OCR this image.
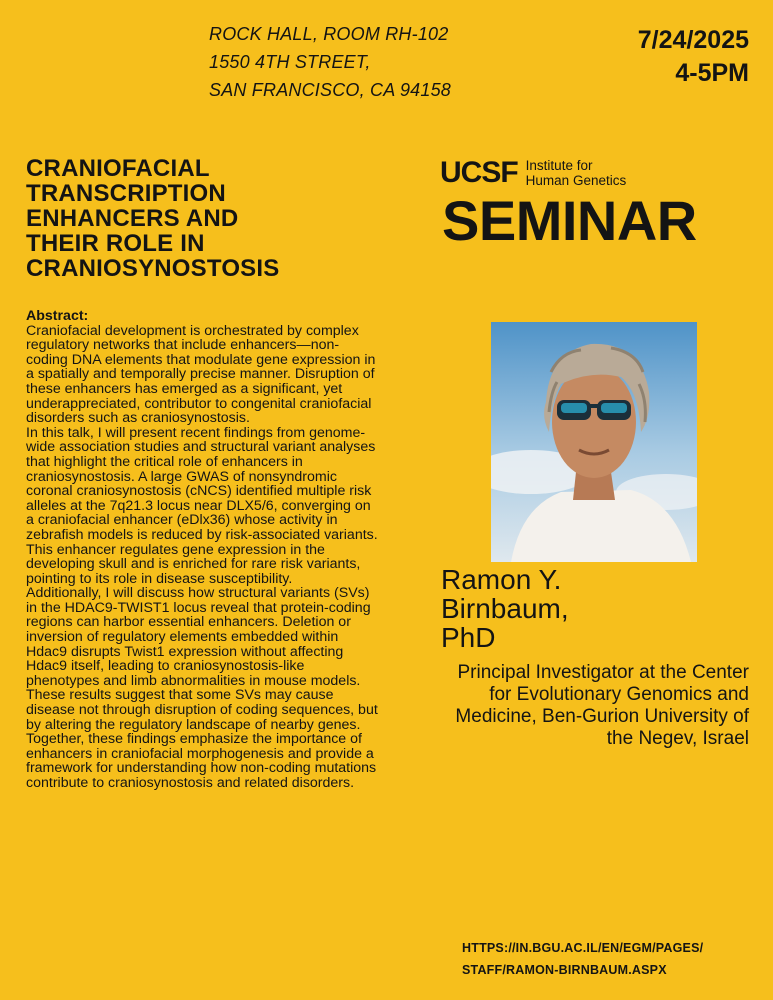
ROCK HALL, ROOM RH-102
1550 4TH STREET,
SAN FRANCISCO, CA 94158
7/24/2025
4-5PM
CRANIOFACIAL
TRANSCRIPTION
ENHANCERS AND
THEIR ROLE IN
CRANIOSYNOSTOSIS
UCSF Institute for
Human Genetics
SEMINAR
Abstract:

Craniofacial development is orchestrated by complex regulatory networks that include enhancers—non-coding DNA elements that modulate gene expression in a spatially and temporally precise manner. Disruption of these enhancers has emerged as a significant, yet underappreciated, contributor to congenital craniofacial disorders such as craniosynostosis.

In this talk, I will present recent findings from genome-wide association studies and structural variant analyses that highlight the critical role of enhancers in craniosynostosis. A large GWAS of nonsyndromic coronal craniosynostosis (cNCS) identified multiple risk alleles at the 7q21.3 locus near DLX5/6, converging on a craniofacial enhancer (eDlx36) whose activity in zebrafish models is reduced by risk-associated variants. This enhancer regulates gene expression in the developing skull and is enriched for rare risk variants, pointing to its role in disease susceptibility.

Additionally, I will discuss how structural variants (SVs) in the HDAC9-TWIST1 locus reveal that protein-coding regions can harbor essential enhancers. Deletion or inversion of regulatory elements embedded within Hdac9 disrupts Twist1 expression without affecting Hdac9 itself, leading to craniosynostosis-like phenotypes and limb abnormalities in mouse models. These results suggest that some SVs may cause disease not through disruption of coding sequences, but by altering the regulatory landscape of nearby genes.

Together, these findings emphasize the importance of enhancers in craniofacial morphogenesis and provide a framework for understanding how non-coding mutations contribute to craniosynostosis and related disorders.

Ramon Y.
Birnbaum,
PhD
Principal Investigator at the Center for Evolutionary Genomics and Medicine, Ben-Gurion University of the Negev, Israel
HTTPS://IN.BGU.AC.IL/EN/EGM/PAGES/
STAFF/RAMON-BIRNBAUM.ASPX
